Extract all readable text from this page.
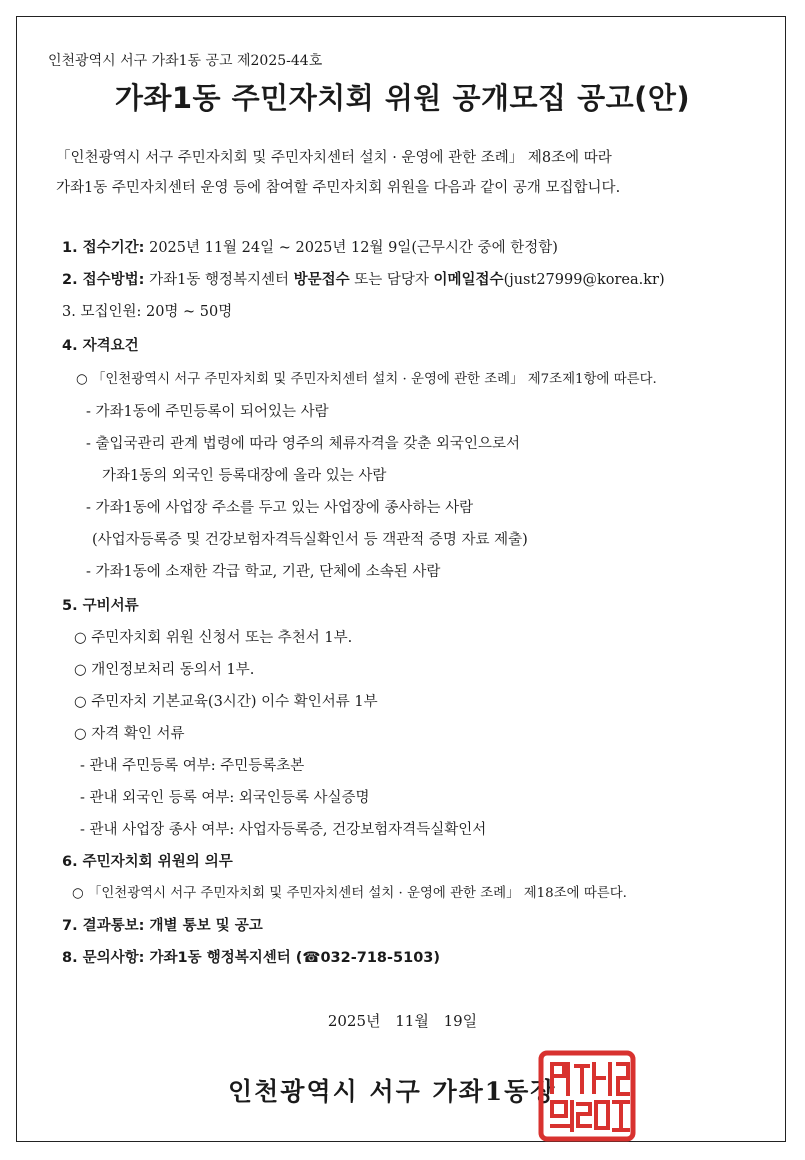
인천광역시 서구 가좌1동 공고 제2025-44호
가좌1동 주민자치회 위원 공개모집 공고(안)
「인천광역시 서구 주민자치회 및 주민자치센터 설치 · 운영에 관한 조례」 제8조에 따라
가좌1동 주민자치센터 운영 등에 참여할 주민자치회 위원을 다음과 같이 공개 모집합니다.
1. 접수기간: 2025년 11월 24일 ~ 2025년 12월 9일(근무시간 중에 한정함)
2. 접수방법: 가좌1동 행정복지센터 방문접수 또는 담당자 이메일접수(just27999@korea.kr)
3. 모집인원: 20명 ~ 50명
4. 자격요건
○ 「인천광역시 서구 주민자치회 및 주민자치센터 설치 · 운영에 관한 조례」 제7조제1항에 따른다.
- 가좌1동에 주민등록이 되어있는 사람
- 출입국관리 관계 법령에 따라 영주의 체류자격을 갖춘 외국인으로서
가좌1동의 외국인 등록대장에 올라 있는 사람
- 가좌1동에 사업장 주소를 두고 있는 사업장에 종사하는 사람
(사업자등록증 및 건강보험자격득실확인서 등 객관적 증명 자료 제출)
- 가좌1동에 소재한 각급 학교, 기관, 단체에 소속된 사람
5. 구비서류
○ 주민자치회 위원 신청서 또는 추천서 1부.
○ 개인정보처리 동의서 1부.
○ 주민자치 기본교육(3시간) 이수 확인서류 1부
○ 자격 확인 서류
- 관내 주민등록 여부: 주민등록초본
- 관내 외국인 등록 여부: 외국인등록 사실증명
- 관내 사업장 종사 여부: 사업자등록증, 건강보험자격득실확인서
6. 주민자치회 위원의 의무
○ 「인천광역시 서구 주민자치회 및 주민자치센터 설치 · 운영에 관한 조례」 제18조에 따른다.
7. 결과통보: 개별 통보 및 공고
8. 문의사항: 가좌1동 행정복지센터 (☎032-718-5103)
2025년 11월 19일
인천광역시 서구 가좌1동장
